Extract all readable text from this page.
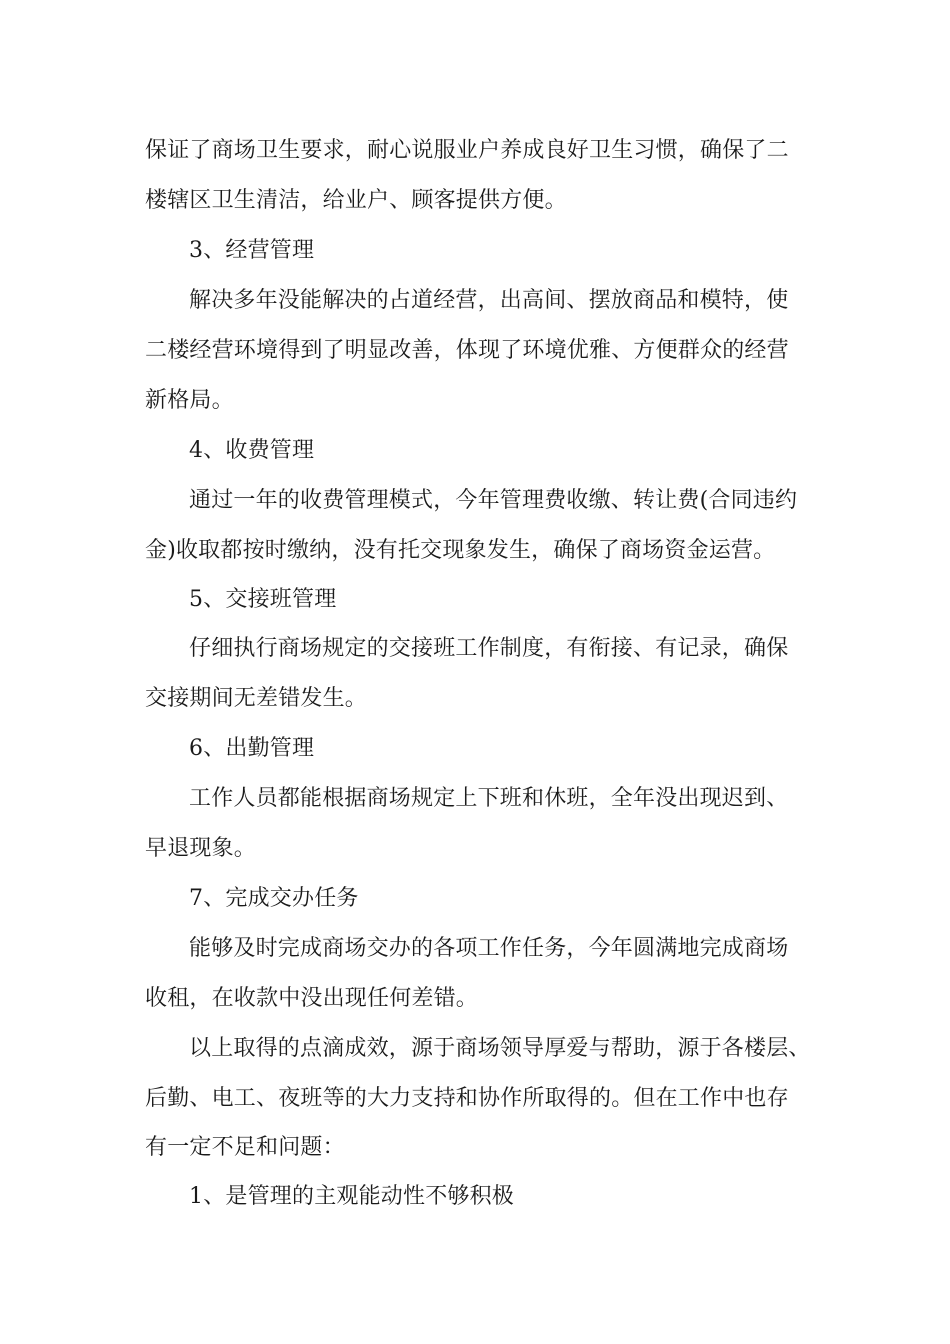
保证了商场卫生要求，耐心说服业户养成良好卫生习惯，确保了二
楼辖区卫生清洁，给业户、顾客提供方便。
3、经营管理
解决多年没能解决的占道经营，出高间、摆放商品和模特，使
二楼经营环境得到了明显改善，体现了环境优雅、方便群众的经营
新格局。
4、收费管理
通过一年的收费管理模式，今年管理费收缴、转让费(合同违约
金)收取都按时缴纳，没有托交现象发生，确保了商场资金运营。
5、交接班管理
仔细执行商场规定的交接班工作制度，有衔接、有记录，确保
交接期间无差错发生。
6、出勤管理
工作人员都能根据商场规定上下班和休班，全年没出现迟到、
早退现象。
7、完成交办任务
能够及时完成商场交办的各项工作任务，今年圆满地完成商场
收租，在收款中没出现任何差错。
以上取得的点滴成效，源于商场领导厚爱与帮助，源于各楼层、
后勤、电工、夜班等的大力支持和协作所取得的。但在工作中也存
有一定不足和问题：
1、是管理的主观能动性不够积极
